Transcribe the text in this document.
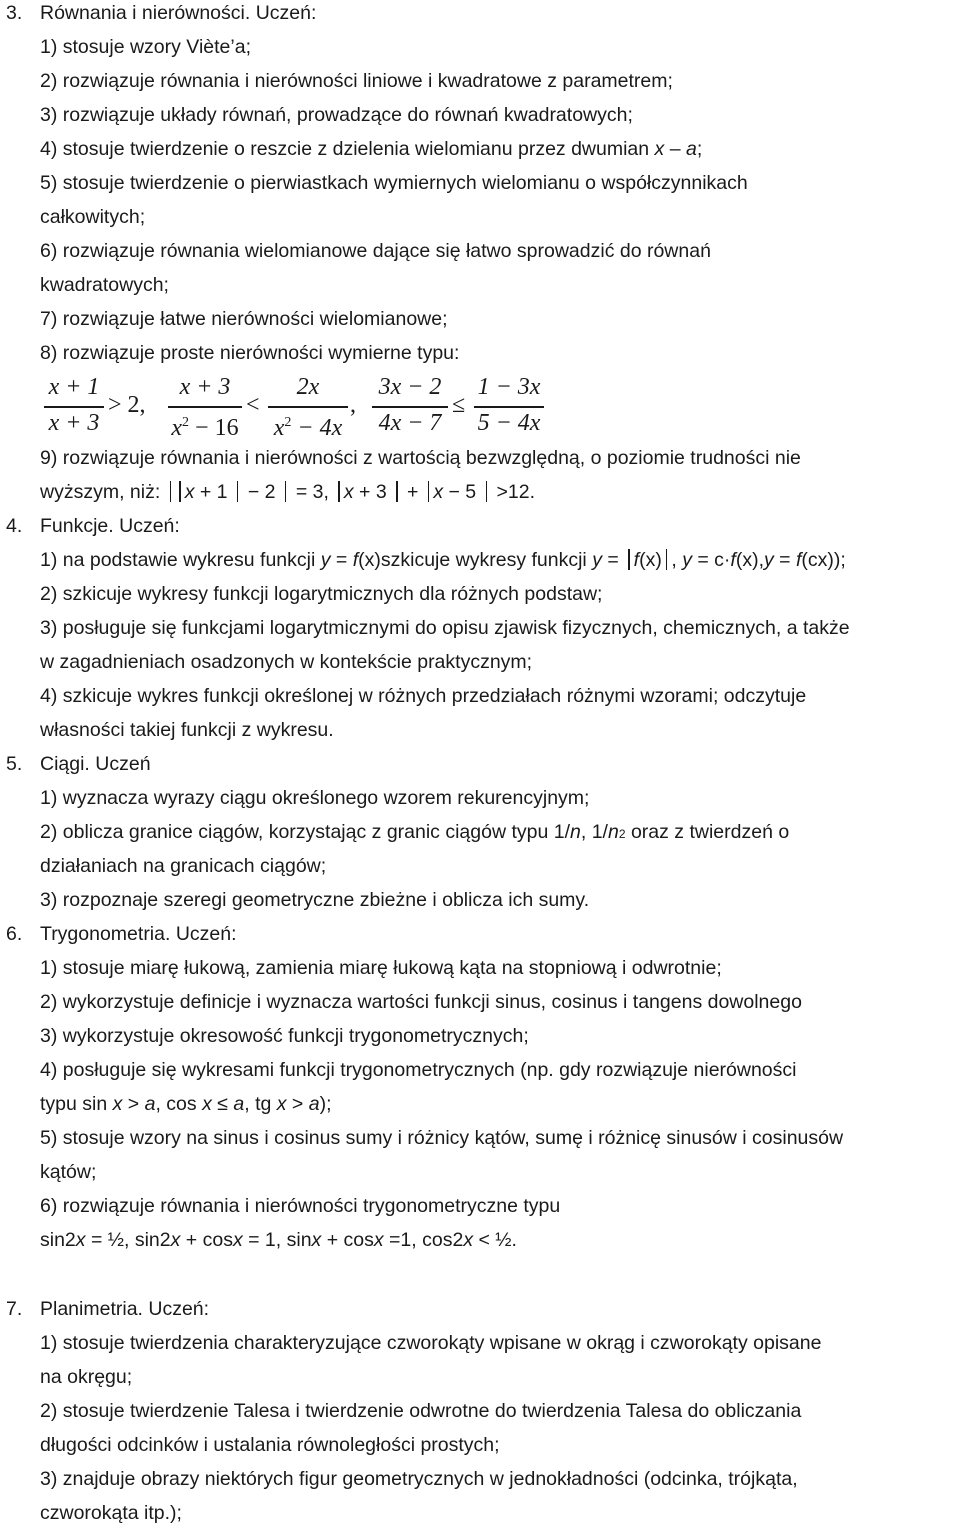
3. Równania i nierówności. Uczeń:
1) stosuje wzory Viète’a;
2) rozwiązuje równania i nierówności liniowe i kwadratowe z parametrem;
3) rozwiązuje układy równań, prowadzące do równań kwadratowych;
4) stosuje twierdzenie o reszcie z dzielenia wielomianu przez dwumian x – a;
5) stosuje twierdzenie o pierwiastkach wymiernych wielomianu o współczynnikach
całkowitych;
6) rozwiązuje równania wielomianowe dające się łatwo sprowadzić do równań
kwadratowych;
7) rozwiązuje łatwe nierówności wielomianowe;
8) rozwiązuje proste nierówności wymierne typu:
x + 1
x + 3
> 2,
x + 3
$x^2 - 16$
<
2x
$x^2 - 4x$
,
3x − 2
4x − 7
≤
1 − 3x
5 − 4x
9) rozwiązuje równania i nierówności z wartością bezwzględną, o poziomie trudności nie
wyższym, niż: x + 1  − 2  = 3, x + 3  + x − 5  >12.
4. Funkcje. Uczeń:
1) na podstawie wykresu funkcji y = f(x)szkicuje wykresy funkcji y = f(x) , y = c·f(x),y = f(cx));
2) szkicuje wykresy funkcji logarytmicznych dla różnych podstaw;
3) posługuje się funkcjami logarytmicznymi do opisu zjawisk fizycznych, chemicznych, a także
w zagadnieniach osadzonych w kontekście praktycznym;
4) szkicuje wykres funkcji określonej w różnych przedziałach różnymi wzorami; odczytuje
własności takiej funkcji z wykresu.
5. Ciągi. Uczeń
1) wyznacza wyrazy ciągu określonego wzorem rekurencyjnym;
2) oblicza granice ciągów, korzystając z granic ciągów typu 1/n, 1/n2 oraz z twierdzeń o
działaniach na granicach ciągów;
3) rozpoznaje szeregi geometryczne zbieżne i oblicza ich sumy.
6. Trygonometria. Uczeń:
1) stosuje miarę łukową, zamienia miarę łukową kąta na stopniową i odwrotnie;
2) wykorzystuje definicje i wyznacza wartości funkcji sinus, cosinus i tangens dowolnego
3) wykorzystuje okresowość funkcji trygonometrycznych;
4) posługuje się wykresami funkcji trygonometrycznych (np. gdy rozwiązuje nierówności
typu sin x > a, cos x ≤ a, tg x > a);
5) stosuje wzory na sinus i cosinus sumy i różnicy kątów, sumę i różnicę sinusów i cosinusów
kątów;
6) rozwiązuje równania i nierówności trygonometryczne typu
sin2x = ½, sin2x + cosx = 1, sinx + cosx =1, cos2x < ½.
7. Planimetria. Uczeń:
1) stosuje twierdzenia charakteryzujące czworokąty wpisane w okrąg i czworokąty opisane
na okręgu;
2) stosuje twierdzenie Talesa i twierdzenie odwrotne do twierdzenia Talesa do obliczania
długości odcinków i ustalania równoległości prostych;
3) znajduje obrazy niektórych figur geometrycznych w jednokładności (odcinka, trójkąta,
czworokąta itp.);
